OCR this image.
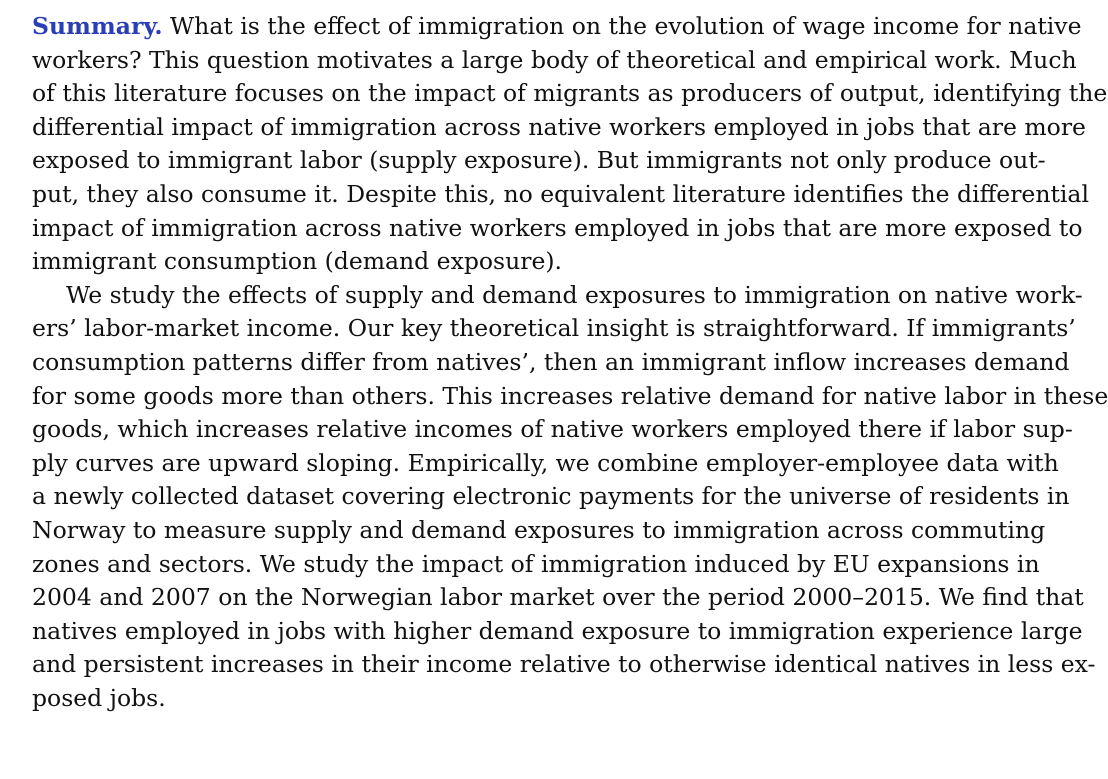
Summary. What is the effect of immigration on the evolution of wage income for native
workers? This question motivates a large body of theoretical and empirical work. Much
of this literature focuses on the impact of migrants as producers of output, identifying the
differential impact of immigration across native workers employed in jobs that are more
exposed to immigrant labor (supply exposure). But immigrants not only produce out-
put, they also consume it. Despite this, no equivalent literature identifies the differential
impact of immigration across native workers employed in jobs that are more exposed to
immigrant consumption (demand exposure).
We study the effects of supply and demand exposures to immigration on native work-
ers’ labor-market income. Our key theoretical insight is straightforward. If immigrants’
consumption patterns differ from natives’, then an immigrant inflow increases demand
for some goods more than others. This increases relative demand for native labor in these
goods, which increases relative incomes of native workers employed there if labor sup-
ply curves are upward sloping. Empirically, we combine employer-employee data with
a newly collected dataset covering electronic payments for the universe of residents in
Norway to measure supply and demand exposures to immigration across commuting
zones and sectors. We study the impact of immigration induced by EU expansions in
2004 and 2007 on the Norwegian labor market over the period 2000–2015. We find that
natives employed in jobs with higher demand exposure to immigration experience large
and persistent increases in their income relative to otherwise identical natives in less ex-
posed jobs.
